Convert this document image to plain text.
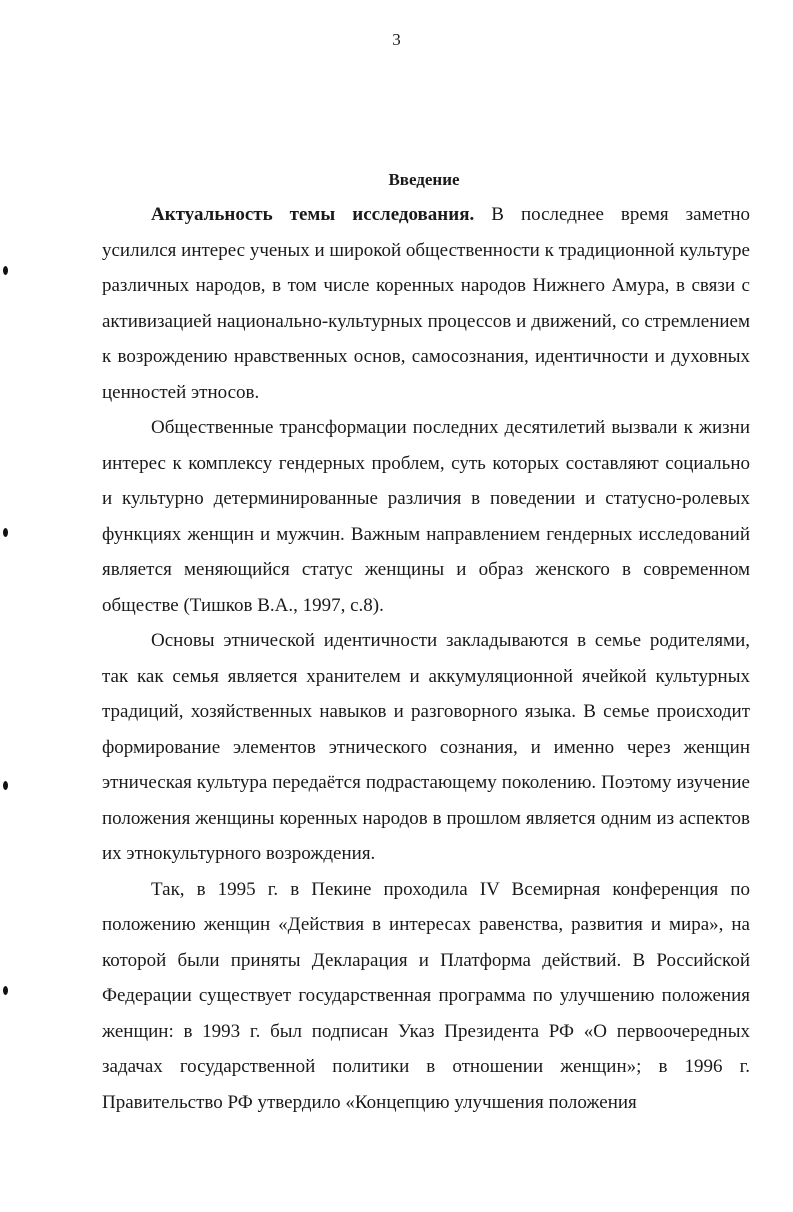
3
Введение

Актуальность темы исследования. В последнее время заметно усилился интерес ученых и широкой общественности к традиционной культуре различных народов, в том числе коренных народов Нижнего Амура, в связи с активизацией национально-культурных процессов и движений, со стремлением к возрождению нравственных основ, самосознания, идентичности и духовных ценностей этносов.

Общественные трансформации последних десятилетий вызвали к жизни интерес к комплексу гендерных проблем, суть которых составляют социально и культурно детерминированные различия в поведении и статусно-ролевых функциях женщин и мужчин. Важным направлением гендерных исследований является меняющийся статус женщины и образ женского в современном обществе (Тишков В.А., 1997, с.8).

Основы этнической идентичности закладываются в семье родителями, так как семья является хранителем и аккумуляционной ячейкой культурных традиций, хозяйственных навыков и разговорного языка. В семье происходит формирование элементов этнического сознания, и именно через женщин этническая культура передаётся подрастающему поколению. Поэтому изучение положения женщины коренных народов в прошлом является одним из аспектов их этнокультурного возрождения.

Так, в 1995 г. в Пекине проходила IV Всемирная конференция по положению женщин «Действия в интересах равенства, развития и мира», на которой были приняты Декларация и Платформа действий. В Российской Федерации существует государственная программа по улучшению положения женщин: в 1993 г. был подписан Указ Президента РФ «О первоочередных задачах государственной политики в отношении женщин»; в 1996 г. Правительство РФ утвердило «Концепцию улучшения положения
